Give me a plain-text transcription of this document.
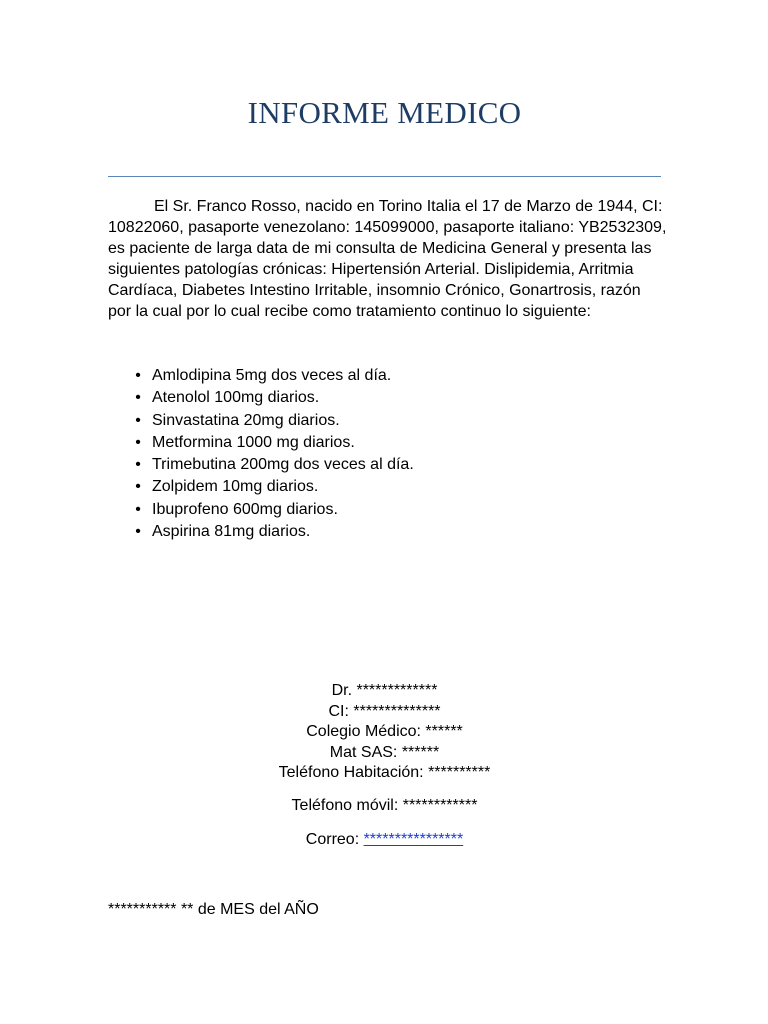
INFORME MEDICO

El Sr. Franco Rosso, nacido en Torino Italia el 17 de Marzo de 1944, CI: 10822060, pasaporte venezolano: 145099000, pasaporte italiano: YB2532309, es paciente de larga data de mi consulta de Medicina General y presenta las siguientes patologías crónicas: Hipertensión Arterial. Dislipidemia, Arritmia Cardíaca, Diabetes Intestino Irritable, insomnio Crónico, Gonartrosis, razón por la cual por lo cual recibe como tratamiento continuo lo siguiente:

• Amlodipina 5mg dos veces al día.
• Atenolol 100mg diarios.
• Sinvastatina 20mg diarios.
• Metformina 1000 mg diarios.
• Trimebutina 200mg dos veces al día.
• Zolpidem 10mg diarios.
• Ibuprofeno 600mg diarios.
• Aspirina 81mg diarios.
Dr. *************
CI: **************
Colegio Médico: ******
Mat SAS: ******
Teléfono Habitación: **********
Teléfono móvil: ************
Correo: ****************
*********** ** de MES del AÑO
